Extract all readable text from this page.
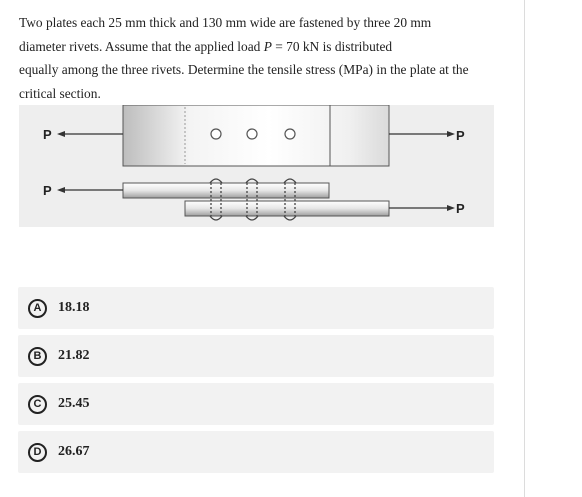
Two plates each 25 mm thick and 130 mm wide are fastened by three 20 mm
diameter rivets. Assume that the applied load P = 70 kN is distributed
equally among the three rivets. Determine the tensile stress (MPa) in the plate at the
critical section.
P
P
P
P
A	18.18
B	21.82
C	25.45
D	26.67
